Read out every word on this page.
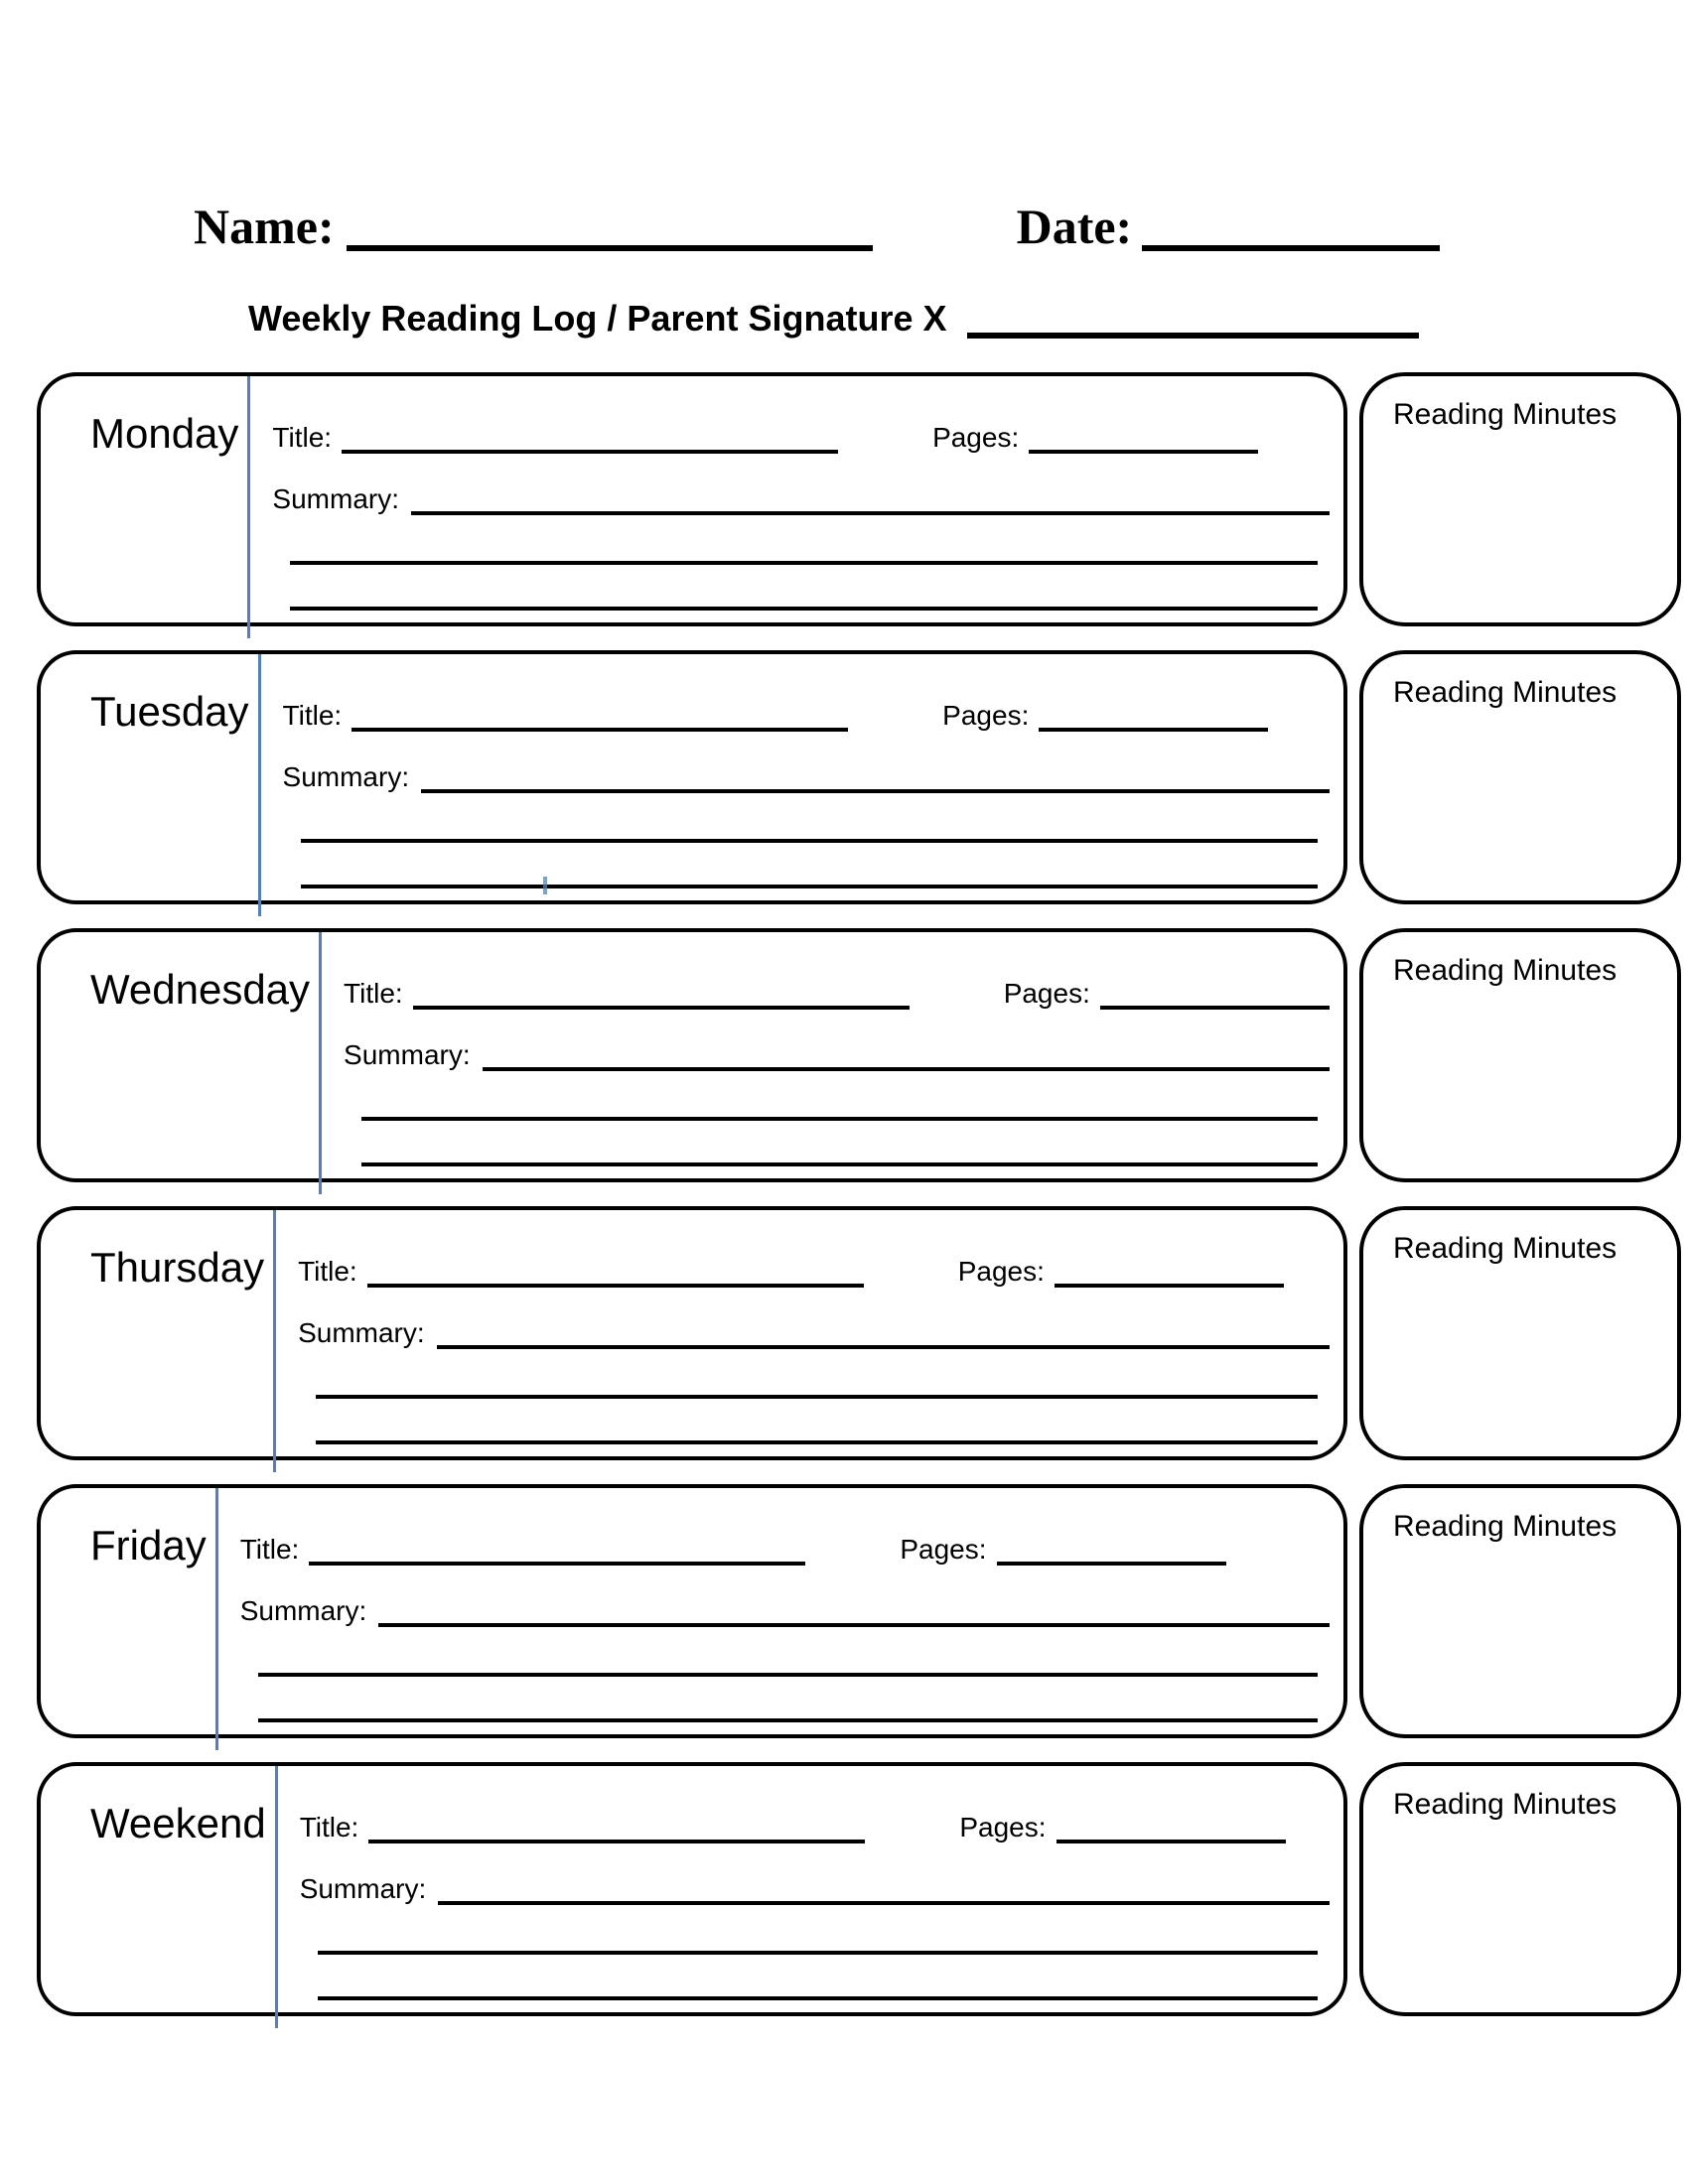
Name:	Date:
Weekly Reading Log / Parent Signature X
Monday	Title:	Pages:
Summary:
Reading Minutes
Tuesday	Title:	Pages:
Summary:
Reading Minutes
Wednesday	Title:	Pages:
Summary:
Reading Minutes
Thursday	Title:	Pages:
Summary:
Reading Minutes
Friday	Title:	Pages:
Summary:
Reading Minutes
Weekend	Title:	Pages:
Summary:
Reading Minutes
